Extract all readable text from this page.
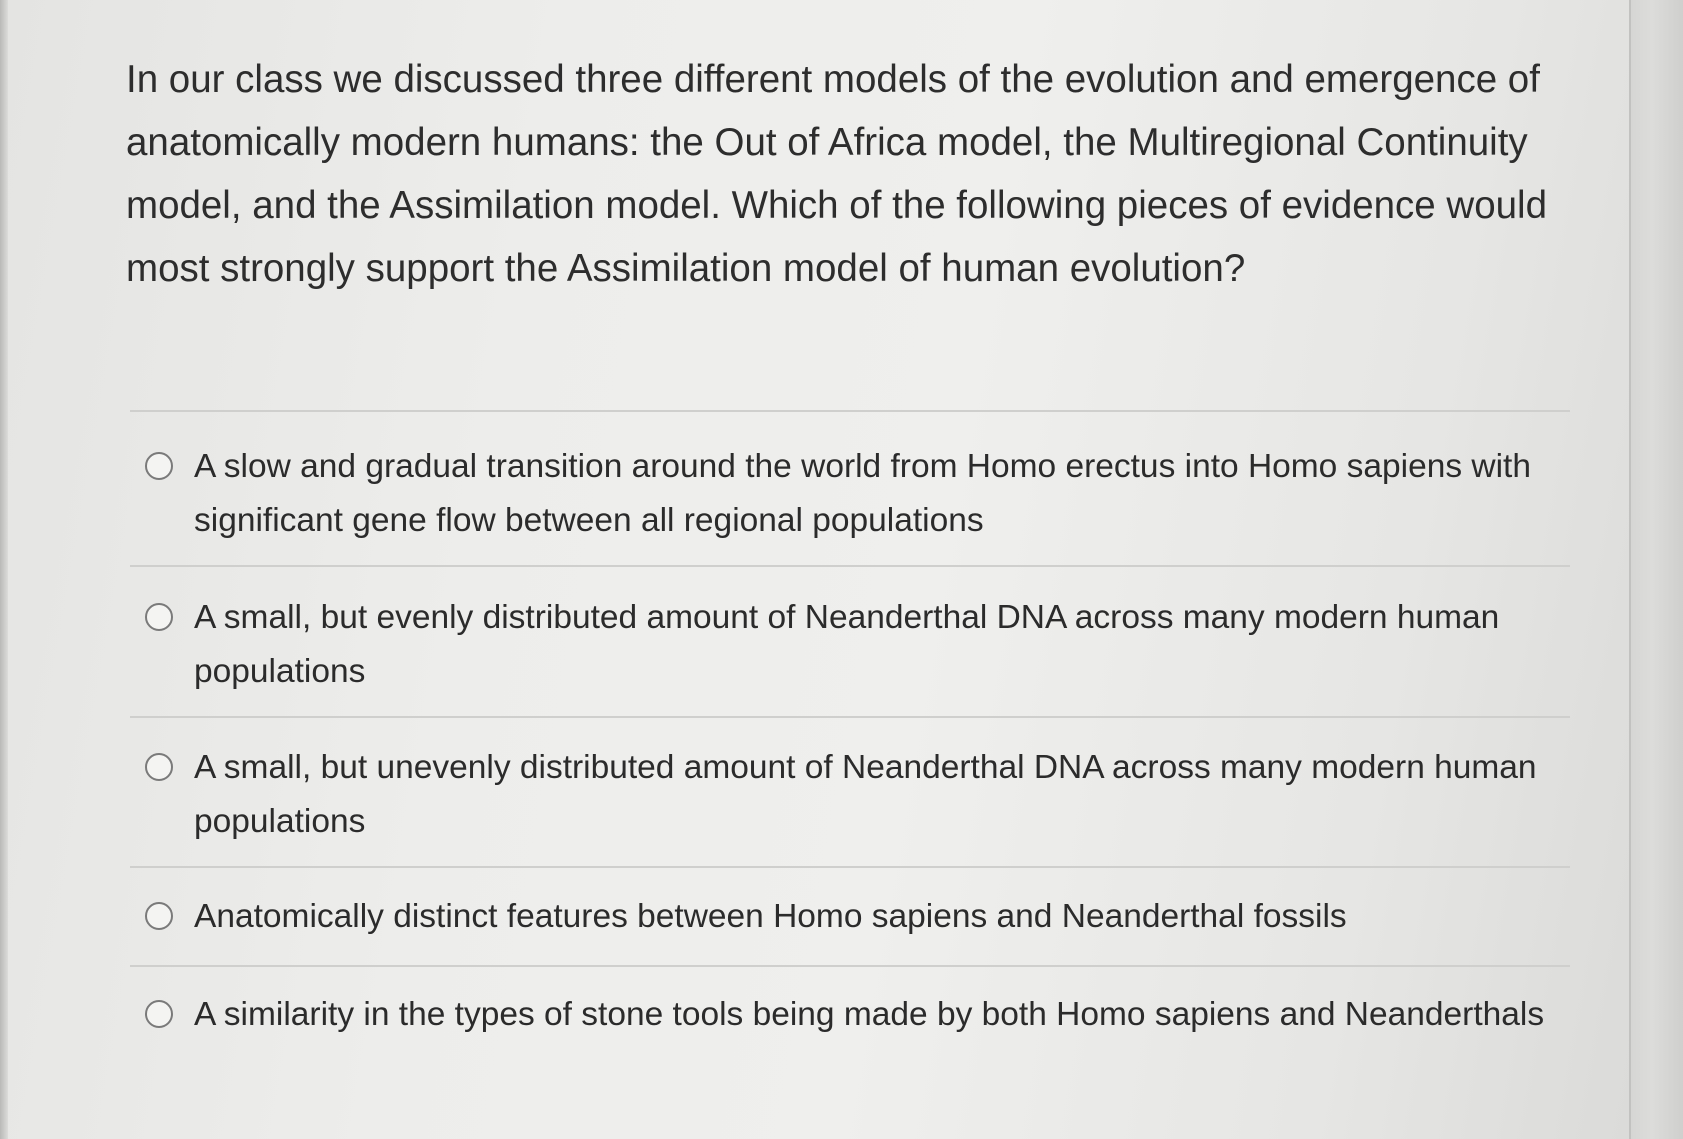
In our class we discussed three different models of the evolution and emergence of anatomically modern humans: the Out of Africa model, the Multiregional Continuity model, and the Assimilation model. Which of the following pieces of evidence would most strongly support the Assimilation model of human evolution?

A slow and gradual transition around the world from Homo erectus into Homo sapiens with significant gene flow between all regional populations
A small, but evenly distributed amount of Neanderthal DNA across many modern human populations
A small, but unevenly distributed amount of Neanderthal DNA across many modern human populations
Anatomically distinct features between Homo sapiens and Neanderthal fossils
A similarity in the types of stone tools being made by both Homo sapiens and Neanderthals
